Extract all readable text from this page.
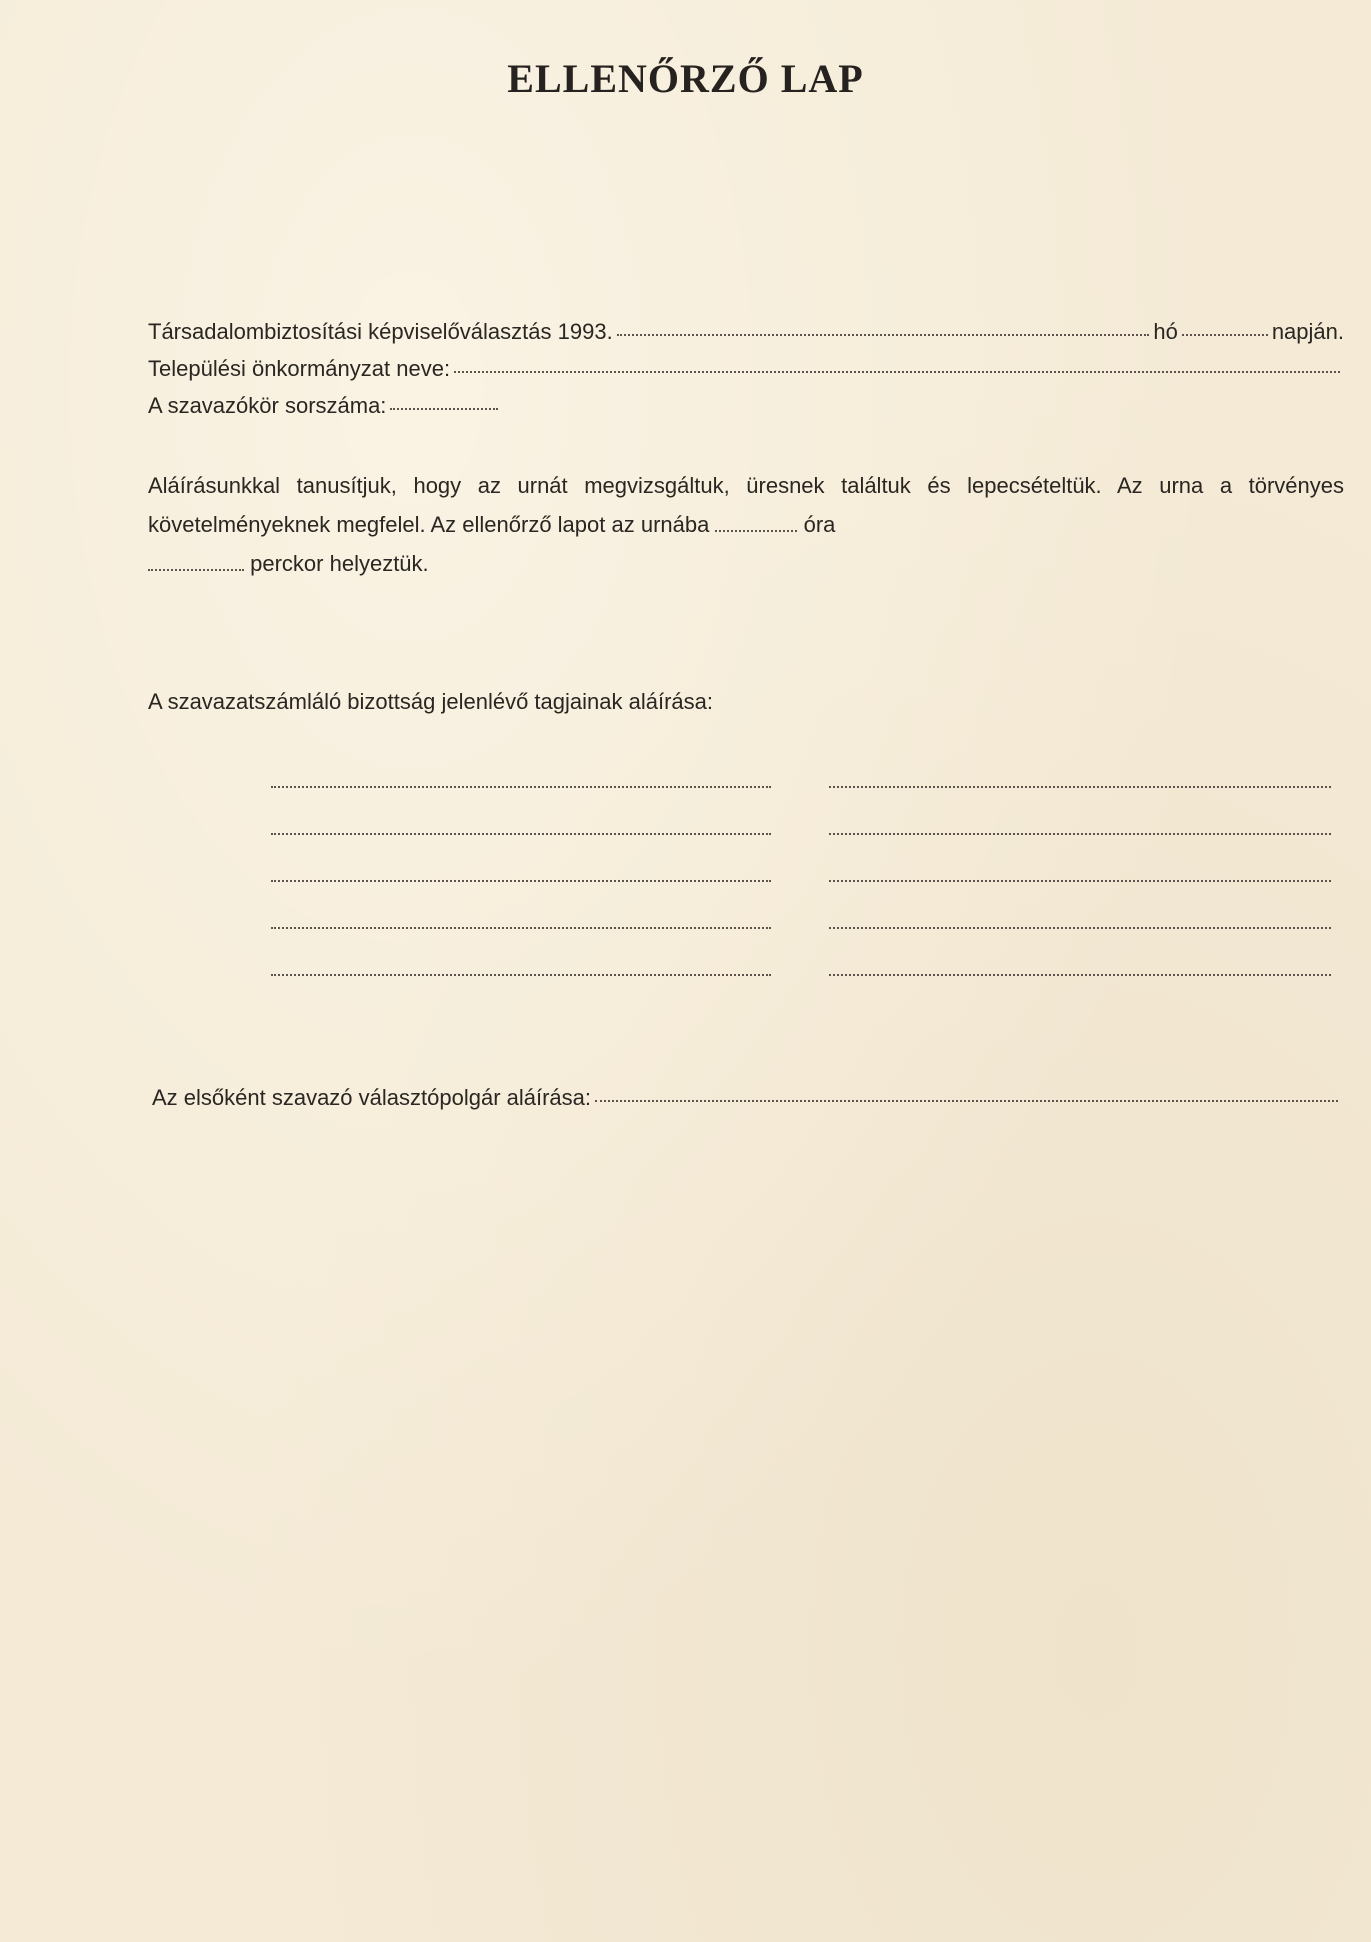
ELLENŐRZŐ LAP
Társadalombiztosítási képviselőválasztás 1993.	hó	napján.
Települési önkormányzat neve:
A szavazókör sorszáma:
Aláírásunkkal tanusítjuk, hogy az urnát megvizsgáltuk, üresnek találtuk és lepecsételtük. Az urna a törvényes követelményeknek megfelel. Az ellenőrző lapot az urnába	óra
perckor helyeztük.
A szavazatszámláló bizottság jelenlévő tagjainak aláírása:
Az elsőként szavazó választópolgár aláírása:
